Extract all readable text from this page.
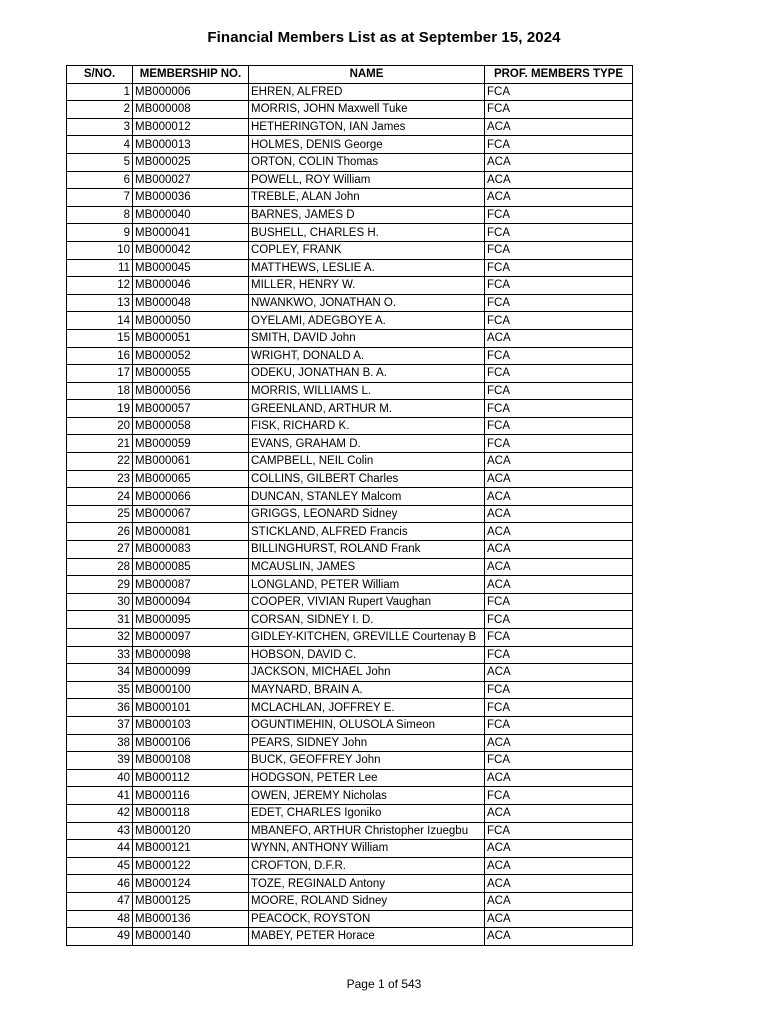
Financial Members List as at September 15, 2024
S/NO.	MEMBERSHIP NO.	NAME	PROF. MEMBERS TYPE
1	MB000006	EHREN, ALFRED	FCA
2	MB000008	MORRIS, JOHN Maxwell Tuke	FCA
3	MB000012	HETHERINGTON, IAN James	ACA
4	MB000013	HOLMES, DENIS George	FCA
5	MB000025	ORTON, COLIN Thomas	ACA
6	MB000027	POWELL, ROY William	ACA
7	MB000036	TREBLE, ALAN John	ACA
8	MB000040	BARNES, JAMES D	FCA
9	MB000041	BUSHELL, CHARLES H.	FCA
10	MB000042	COPLEY, FRANK	FCA
11	MB000045	MATTHEWS, LESLIE A.	FCA
12	MB000046	MILLER, HENRY W.	FCA
13	MB000048	NWANKWO, JONATHAN O.	FCA
14	MB000050	OYELAMI, ADEGBOYE A.	FCA
15	MB000051	SMITH, DAVID John	ACA
16	MB000052	WRIGHT, DONALD A.	FCA
17	MB000055	ODEKU, JONATHAN B. A.	FCA
18	MB000056	MORRIS, WILLIAMS L.	FCA
19	MB000057	GREENLAND, ARTHUR M.	FCA
20	MB000058	FISK, RICHARD K.	FCA
21	MB000059	EVANS, GRAHAM D.	FCA
22	MB000061	CAMPBELL, NEIL Colin	ACA
23	MB000065	COLLINS, GILBERT Charles	ACA
24	MB000066	DUNCAN, STANLEY Malcom	ACA
25	MB000067	GRIGGS, LEONARD Sidney	ACA
26	MB000081	STICKLAND, ALFRED Francis	ACA
27	MB000083	BILLINGHURST, ROLAND Frank	ACA
28	MB000085	MCAUSLIN, JAMES	ACA
29	MB000087	LONGLAND, PETER William	ACA
30	MB000094	COOPER, VIVIAN Rupert Vaughan	FCA
31	MB000095	CORSAN, SIDNEY I. D.	FCA
32	MB000097	GIDLEY-KITCHEN, GREVILLE Courtenay B	FCA
33	MB000098	HOBSON, DAVID C.	FCA
34	MB000099	JACKSON, MICHAEL John	ACA
35	MB000100	MAYNARD, BRAIN A.	FCA
36	MB000101	MCLACHLAN, JOFFREY E.	FCA
37	MB000103	OGUNTIMEHIN, OLUSOLA Simeon	FCA
38	MB000106	PEARS, SIDNEY John	ACA
39	MB000108	BUCK, GEOFFREY John	FCA
40	MB000112	HODGSON, PETER Lee	ACA
41	MB000116	OWEN, JEREMY Nicholas	FCA
42	MB000118	EDET, CHARLES Igoniko	ACA
43	MB000120	MBANEFO, ARTHUR Christopher Izuegbu	FCA
44	MB000121	WYNN, ANTHONY William	ACA
45	MB000122	CROFTON, D.F.R.	ACA
46	MB000124	TOZE, REGINALD Antony	ACA
47	MB000125	MOORE, ROLAND Sidney	ACA
48	MB000136	PEACOCK, ROYSTON	ACA
49	MB000140	MABEY, PETER Horace	ACA
Page 1 of 543
